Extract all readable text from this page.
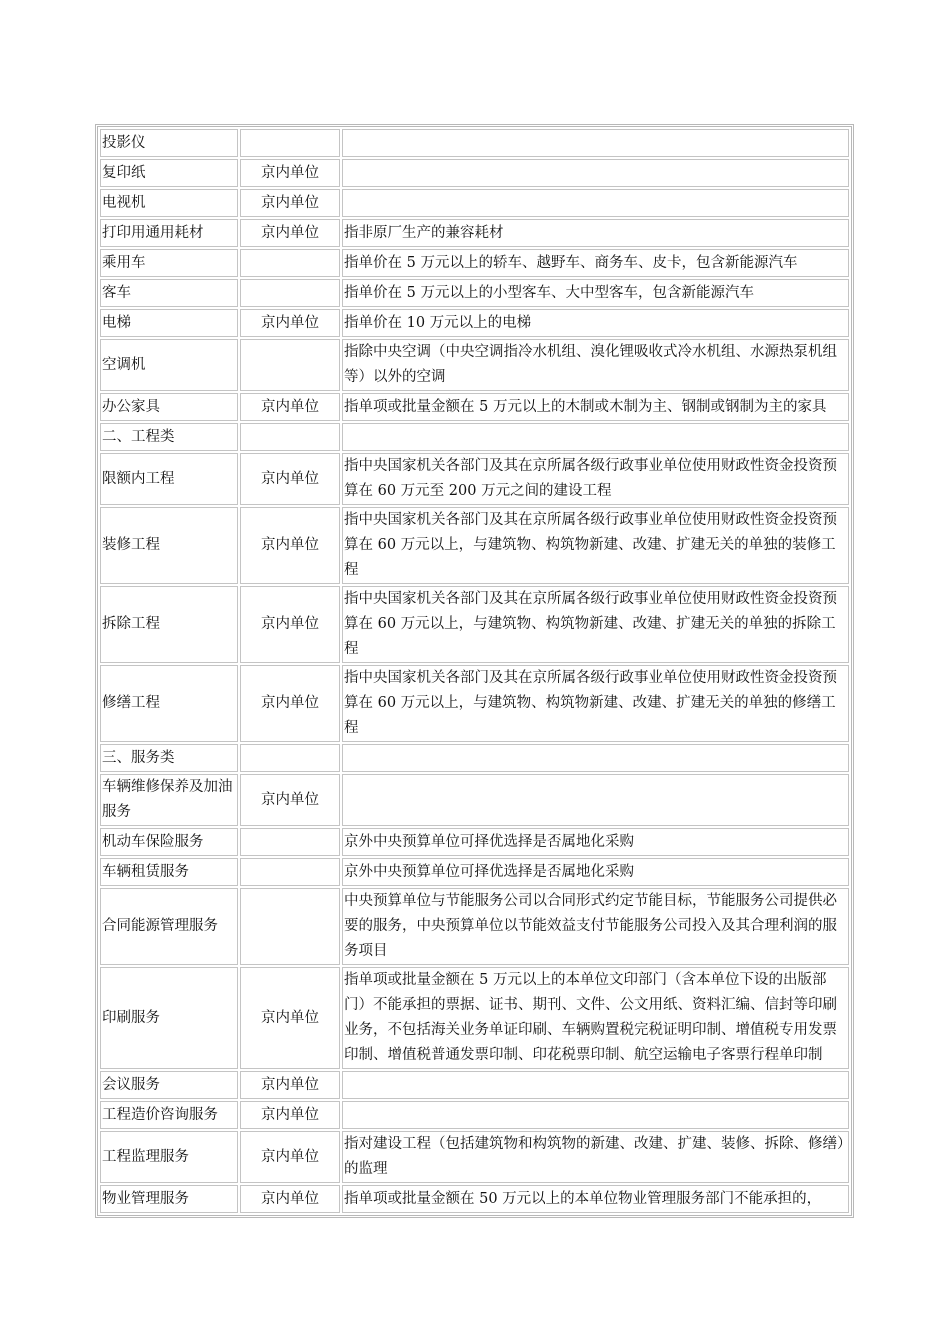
投影仪		
复印纸	京内单位	
电视机	京内单位	
打印用通用耗材	京内单位	指非原厂生产的兼容耗材
乘用车		指单价在 5 万元以上的轿车、越野车、商务车、皮卡，包含新能源汽车
客车		指单价在 5 万元以上的小型客车、大中型客车，包含新能源汽车
电梯	京内单位	指单价在 10 万元以上的电梯
空调机		指除中央空调（中央空调指冷水机组、溴化锂吸收式冷水机组、水源热泵机组等）以外的空调
办公家具	京内单位	指单项或批量金额在 5 万元以上的木制或木制为主、钢制或钢制为主的家具
二、工程类		
限额内工程	京内单位	指中央国家机关各部门及其在京所属各级行政事业单位使用财政性资金投资预算在 60 万元至 200 万元之间的建设工程
装修工程	京内单位	指中央国家机关各部门及其在京所属各级行政事业单位使用财政性资金投资预算在 60 万元以上，与建筑物、构筑物新建、改建、扩建无关的单独的装修工程
拆除工程	京内单位	指中央国家机关各部门及其在京所属各级行政事业单位使用财政性资金投资预算在 60 万元以上，与建筑物、构筑物新建、改建、扩建无关的单独的拆除工程
修缮工程	京内单位	指中央国家机关各部门及其在京所属各级行政事业单位使用财政性资金投资预算在 60 万元以上，与建筑物、构筑物新建、改建、扩建无关的单独的修缮工程
三、服务类		
车辆维修保养及加油服务	京内单位	
机动车保险服务		京外中央预算单位可择优选择是否属地化采购
车辆租赁服务		京外中央预算单位可择优选择是否属地化采购
合同能源管理服务		中央预算单位与节能服务公司以合同形式约定节能目标，节能服务公司提供必要的服务，中央预算单位以节能效益支付节能服务公司投入及其合理利润的服务项目
印刷服务	京内单位	指单项或批量金额在 5 万元以上的本单位文印部门（含本单位下设的出版部门）不能承担的票据、证书、期刊、文件、公文用纸、资料汇编、信封等印刷业务，不包括海关业务单证印刷、车辆购置税完税证明印制、增值税专用发票印制、增值税普通发票印制、印花税票印制、航空运输电子客票行程单印制
会议服务	京内单位	
工程造价咨询服务	京内单位	
工程监理服务	京内单位	指对建设工程（包括建筑物和构筑物的新建、改建、扩建、装修、拆除、修缮）的监理
物业管理服务	京内单位	指单项或批量金额在 50 万元以上的本单位物业管理服务部门不能承担的，
